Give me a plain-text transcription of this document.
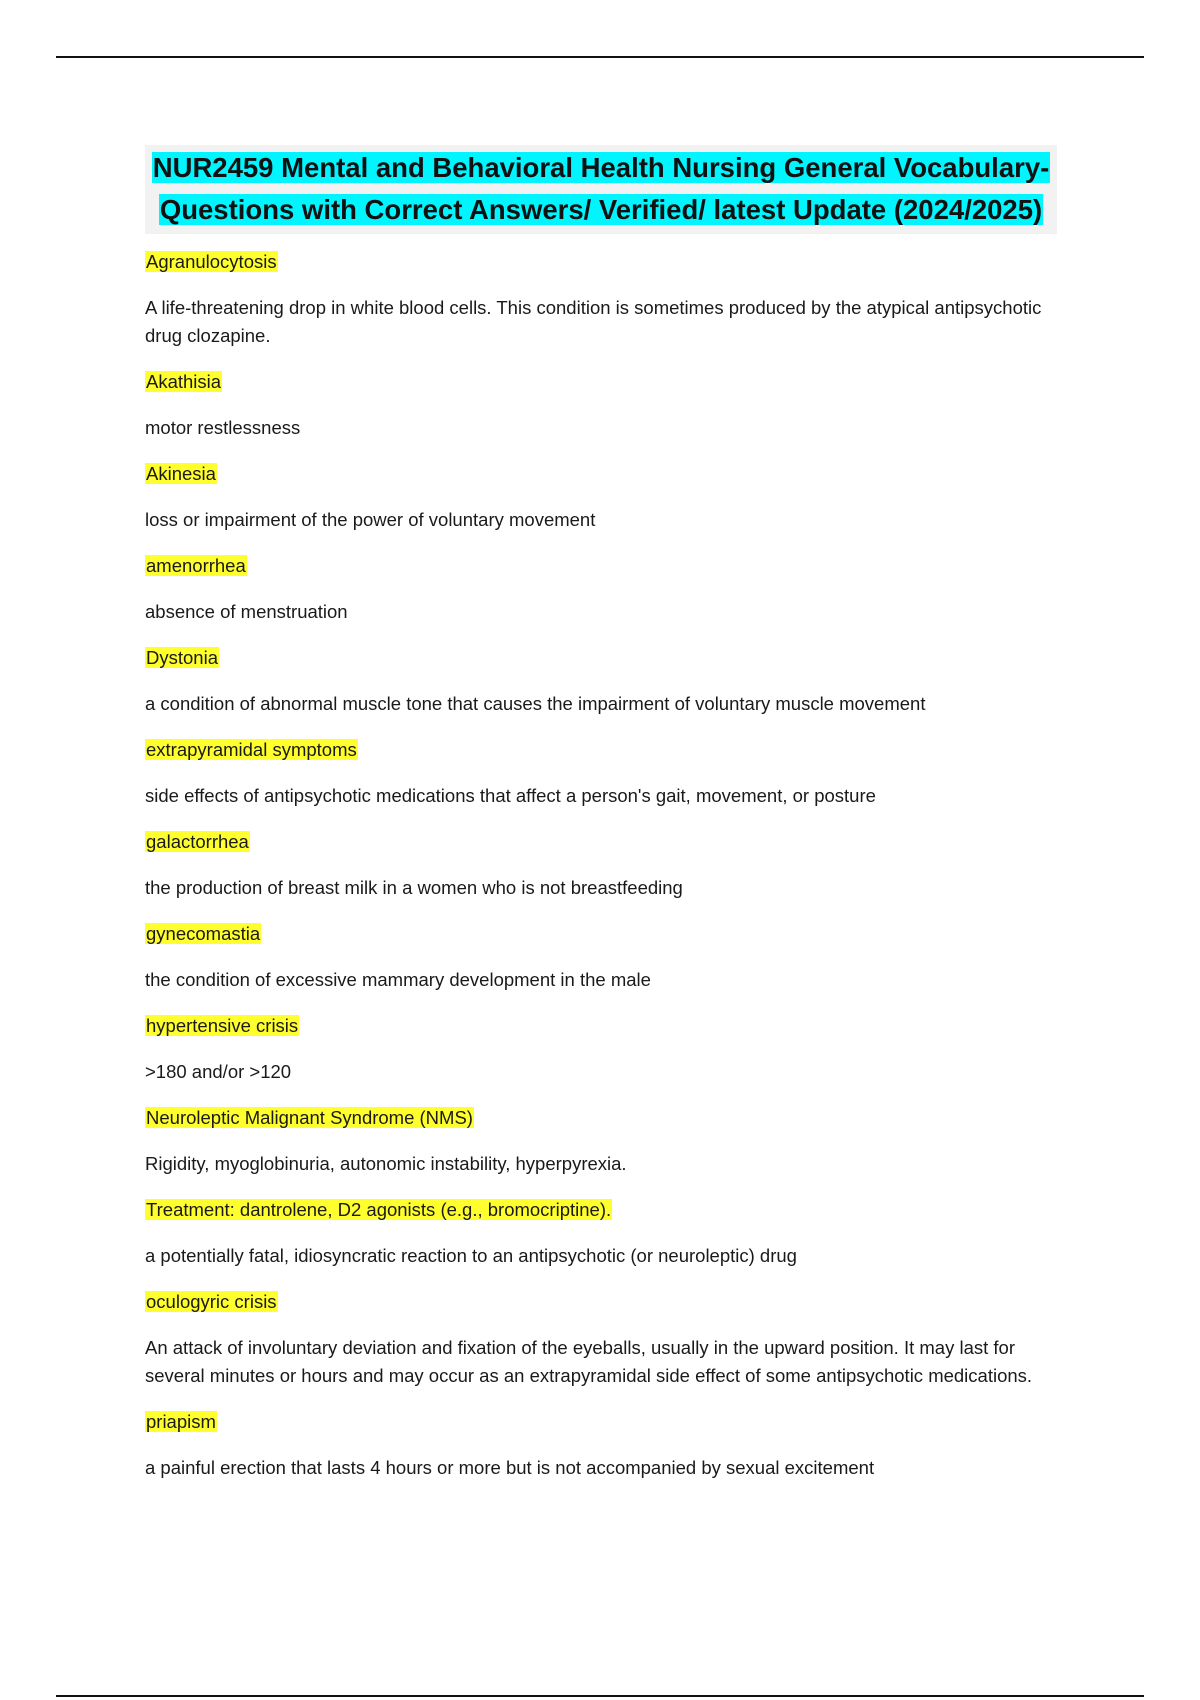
NUR2459 Mental and Behavioral Health Nursing General Vocabulary-Questions with Correct Answers/ Verified/ latest Update (2024/2025)

Agranulocytosis

A life-threatening drop in white blood cells. This condition is sometimes produced by the atypical antipsychotic drug clozapine.

Akathisia

motor restlessness

Akinesia

loss or impairment of the power of voluntary movement

amenorrhea

absence of menstruation

Dystonia

a condition of abnormal muscle tone that causes the impairment of voluntary muscle movement

extrapyramidal symptoms

side effects of antipsychotic medications that affect a person's gait, movement, or posture

galactorrhea

the production of breast milk in a women who is not breastfeeding

gynecomastia

the condition of excessive mammary development in the male

hypertensive crisis

>180 and/or >120

Neuroleptic Malignant Syndrome (NMS)

Rigidity, myoglobinuria, autonomic instability, hyperpyrexia.

Treatment: dantrolene, D2 agonists (e.g., bromocriptine).

a potentially fatal, idiosyncratic reaction to an antipsychotic (or neuroleptic) drug

oculogyric crisis

An attack of involuntary deviation and fixation of the eyeballs, usually in the upward position. It may last for several minutes or hours and may occur as an extrapyramidal side effect of some antipsychotic medications.

priapism

a painful erection that lasts 4 hours or more but is not accompanied by sexual excitement
